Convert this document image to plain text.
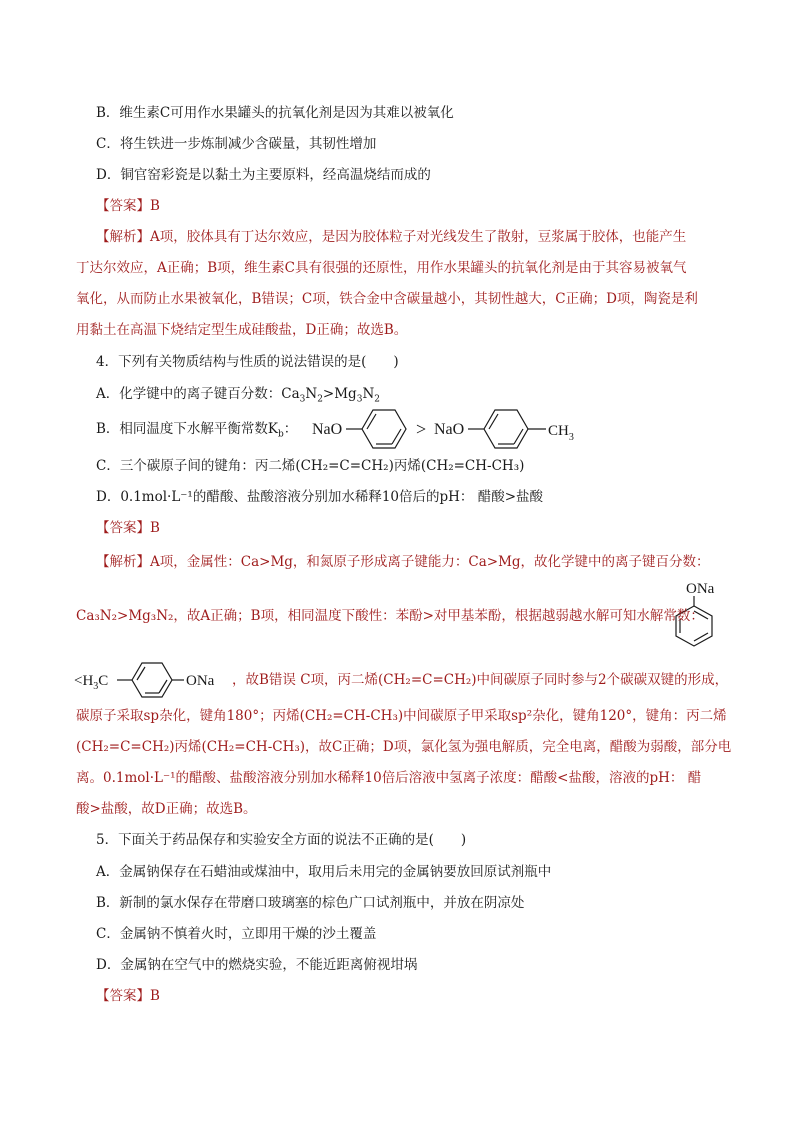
B．维生素C可用作水果罐头的抗氧化剂是因为其难以被氧化
C．将生铁进一步炼制减少含碳量，其韧性增加
D．铜官窑彩瓷是以黏土为主要原料，经高温烧结而成的
【答案】B
【解析】A项，胶体具有丁达尔效应，是因为胶体粒子对光线发生了散射，豆浆属于胶体，也能产生
丁达尔效应，A正确；B项，维生素C具有很强的还原性，用作水果罐头的抗氧化剂是由于其容易被氧气
氧化，从而防止水果被氧化，B错误；C项，铁合金中含碳量越小，其韧性越大，C正确；D项，陶瓷是利
用黏土在高温下烧结定型生成硅酸盐，D正确；故选B。
4．下列有关物质结构与性质的说法错误的是(　　)
A．化学键中的离子键百分数：$Ca_3N_2>Mg_3N_2$
B．相同温度下水解平衡常数$K_b$： NaO	> NaO	$CH_3$
C．三个碳原子间的键角：丙二烯(CH₂=C=CH₂)丙烯(CH₂=CH-CH₃)
D．0.1mol·L⁻¹的醋酸、盐酸溶液分别加水稀释10倍后的pH： 醋酸>盐酸
【答案】B
【解析】A项，金属性：Ca>Mg，和氮原子形成离子键能力：Ca>Mg，故化学键中的离子键百分数：
ONa
Ca₃N₂>Mg₃N₂，故A正确；B项，相同温度下酸性：苯酚>对甲基苯酚，根据越弱越水解可知水解常数：
$<H_3C$	ONa ，故B错误 C项，丙二烯(CH₂=C=CH₂)中间碳原子同时参与2个碳碳双键的形成，
碳原子采取sp杂化，键角180°；丙烯(CH₂=CH-CH₃)中间碳原子甲采取sp²杂化，键角120°，键角：丙二烯
(CH₂=C=CH₂)丙烯(CH₂=CH-CH₃)，故C正确；D项，氯化氢为强电解质，完全电离，醋酸为弱酸，部分电
离。0.1mol·L⁻¹的醋酸、盐酸溶液分别加水稀释10倍后溶液中氢离子浓度：醋酸<盐酸，溶液的pH： 醋
酸>盐酸，故D正确；故选B。
5．下面关于药品保存和实验安全方面的说法不正确的是(　　)
A．金属钠保存在石蜡油或煤油中，取用后未用完的金属钠要放回原试剂瓶中
B．新制的氯水保存在带磨口玻璃塞的棕色广口试剂瓶中，并放在阴凉处
C．金属钠不慎着火时，立即用干燥的沙土覆盖
D．金属钠在空气中的燃烧实验，不能近距离俯视坩埚
【答案】B
